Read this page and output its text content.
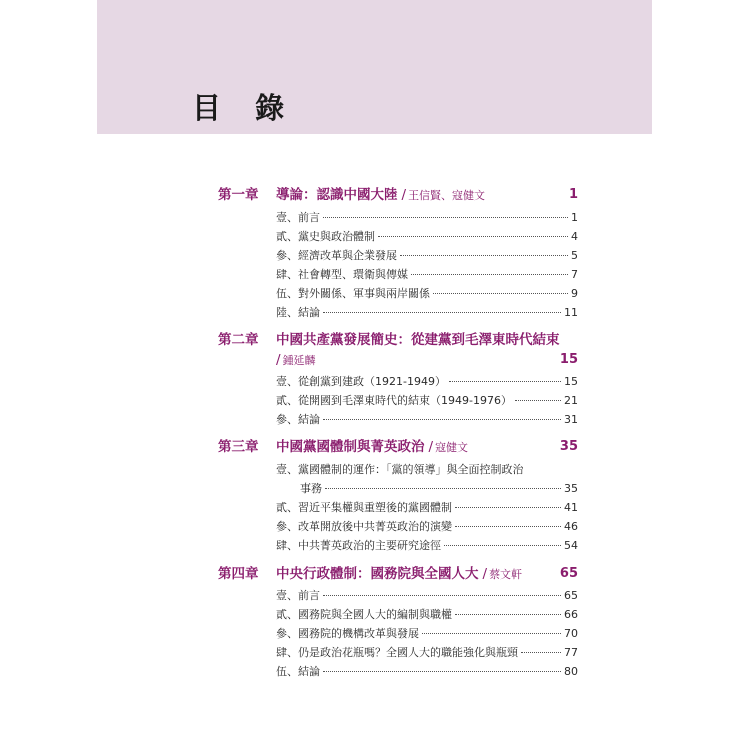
目 錄
第一章 導論：認識中國大陸 / 王信賢、寇健文	1
壹、前言	1
貳、黨史與政治體制	4
參、經濟改革與企業發展	5
肆、社會轉型、環衛與傳媒	7
伍、對外關係、軍事與兩岸關係	9
陸、結論	11
第二章 中國共產黨發展簡史：從建黨到毛澤東時代結束
/ 鍾延麟	15
壹、從創黨到建政（1921-1949）	15
貳、從開國到毛澤東時代的結束（1949-1976）	21
參、結論	31
第三章 中國黨國體制與菁英政治 / 寇健文	35
壹、黨國體制的運作：「黨的領導」與全面控制政治
事務	35
貳、習近平集權與重塑後的黨國體制	41
參、改革開放後中共菁英政治的演變	46
肆、中共菁英政治的主要研究途徑	54
第四章 中央行政體制：國務院與全國人大 / 蔡文軒	65
壹、前言	65
貳、國務院與全國人大的編制與職權	66
參、國務院的機構改革與發展	70
肆、仍是政治花瓶嗎？全國人大的職能強化與瓶頸	77
伍、結論	80
